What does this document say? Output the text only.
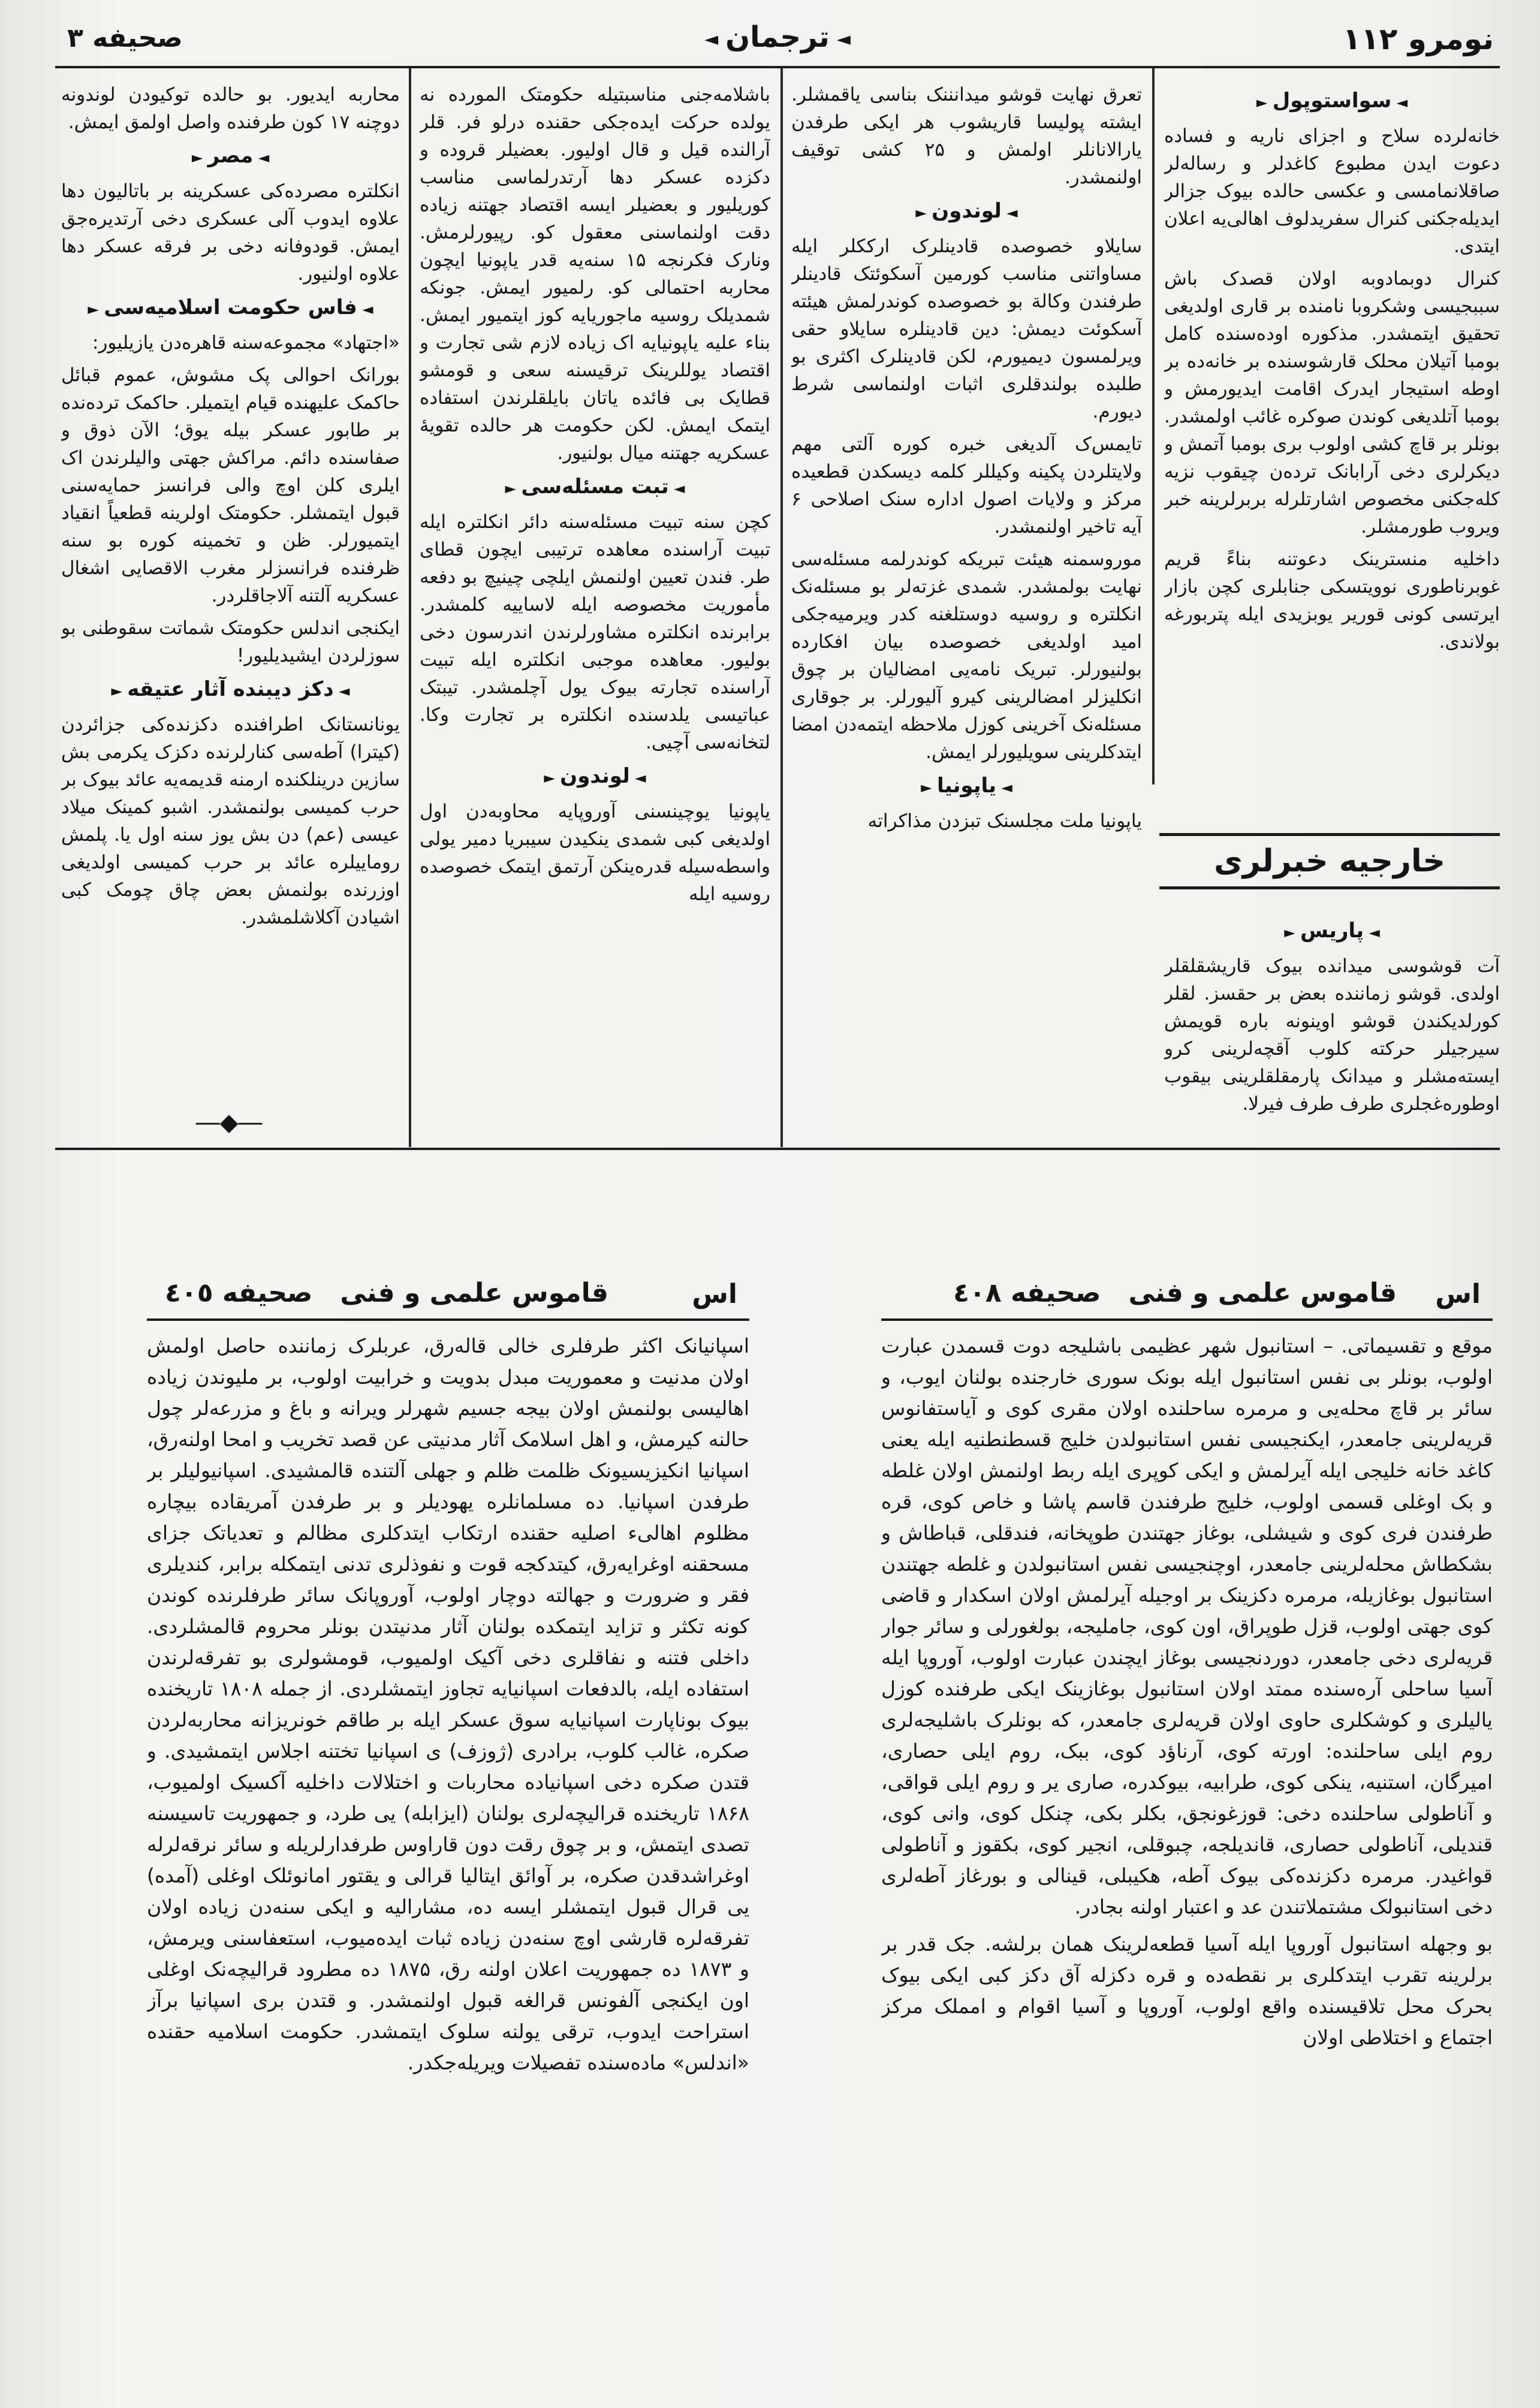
نومرو ۱۱۲
◄ ترجمان ◄
صحیفه ۳
◄ سواستوپول ►

خانه‌لرده سلاح و اجزای ناریه و فساده دعوت ایدن مطبوع کاغدلر و رساله‌لر صاقلانمامسی و عکسی حالده بیوک جزالر ایدیله‌جکنی کنرال سفریدلوف اهالی‌یه اعلان ایتدی.

کنرال دوبمادوبه اولان قصدک باش سببجیسی وشکروبا نامنده بر قاری اولدیغی تحقیق ایتمشدر. مذکوره اوده‌سنده کامل بومبا آتیلان محلک قارشوسنده بر خانه‌ده بر اوطه استیجار ایدرک اقامت ایدیورمش و بومبا آتلدیغی کوندن صوکره غائب اولمشدر. بونلر بر قاچ کشی اولوب بری بومبا آتمش و دیکرلری دخی آرابانک ترده‌ن چیقوب نزیه کله‌جکنی مخصوص اشارتلرله بربرلرینه خبر ویروب طورمشلر.

داخلیه منسترینک دعوتنه بناءً قریم غوبرناطوری نوویتسکی جنابلری کچن بازار ایرتسی کونی قوریر یوبزیدی ایله پتربورغه بولاندی.

خارجیه خبرلری
◄ پاریس ►

آت قوشوسی میدانده بیوک قاریشقلقلر اولدی. قوشو زماننده بعض بر حقسز. لقلر کورلدیکندن قوشو اوینونه باره قویمش سیرجیلر حرکته کلوب آقچه‌لرینی کرو ایسته‌مشلر و میدانک پارمقلقلرینی بیقوب اوطوره‌غجلری طرف طرف فیرلا.

تعرق نهایت قوشو میدانننک بناسی یاقمشلر. ایشته پولیسا قاریشوب هر ایکی طرفدن یارالانانلر اولمش و ۲۵ کشی توقیف اولنمشدر.

◄ لوندون ►

سایلاو خصوصده قادینلرک ارککلر ایله مساواتنی مناسب کورمین آسکوئتک قادینلر طرفندن وکالة بو خصوصده کوندرلمش هیئته آسکوئت دیمش: دین قادینلره سایلاو حقی ویرلمسون دیمیورم، لکن قادینلرک اکثری بو طلبده بولندقلری اثبات اولنماسی شرط دیورم.

تایمس‌ک آلدیغی خبره کوره آلتی مهم ولایتلردن پکینه وکیللر کلمه دیسکدن قطعیده مرکز و ولایات اصول اداره سنک اصلاحی ۶ آیه تاخیر اولنمشدر.

موروسمنه هیئت تبریکه کوندرلمه مسئله‌سی نهایت بولمشدر. شمدی غزته‌لر بو مسئله‌نک انکلتره و روسیه دوستلغنه کدر ویرمیه‌جکی امید اولدیغی خصوصده بیان افکارده بولنیورلر. تبریک نامه‌یی امضالیان بر چوق انکلیزلر امضالرینی کیرو آلیورلر. بر جوقاری مسئله‌نک آخرینی کوزل ملاحظه ایتمه‌دن امضا ایتدکلرینی سویلیورلر ایمش.

◄ یاپونیا ►

یاپونیا ملت مجلسنک تبزدن مذاکراته

باشلامه‌جنی مناسبتیله حکومتک المورده نه یولده حرکت ایده‌جکی حقنده درلو فر. قلر آرالنده قیل و قال اولیور. بعضیلر قروده و دکزده عسکر دها آرتدرلماسی مناسب کوریلیور و بعضیلر ایسه اقتصاد جهتنه زیاده دقت اولنماسنی معقول کو. رپیورلرمش. ونارک فکرنجه ۱۵ سنه‌یه قدر یاپونیا ایچون محاربه احتمالی کو. رلمیور ایمش. جونکه شمدیلک روسیه ماجوریایه کوز ایتمیور ایمش. بناء علیه یاپونیایه اک زیاده لازم شی تجارت و اقتصاد یوللرینک ترقیسنه سعی و قومشو قطایک بی فائده یاتان بایلقلرندن استفاده ایتمک ایمش. لکن حکومت هر حالده تقویهٔ عسکریه جهتنه میال بولنیور.

◄ تبت مسئله‌سی ►

کچن سنه تبیت مسئله‌سنه دائر انکلتره ایله تبیت آراسنده معاهده ترتیبی ایچون قطای طر. فندن تعیین اولنمش ایلچی چینیچ بو دفعه مأموریت مخصوصه ایله لاساییه کلمشدر. برابرنده انکلتره مشاورلرندن اندرسون دخی بولیور. معاهده موجبی انکلتره ایله تبیت آراسنده تجارته بیوک یول آچلمشدر. تیبتک عباتیسی یلدسنده انکلتره بر تجارت وکا. لتخانه‌سی آچیی.

◄ لوندون ►

یاپونیا یوچینسنی آوروپایه محاوبه‌دن اول اولدیغی کبی شمدی ینکیدن سیبریا دمیر یولی واسطه‌سیله قدره‌ینکن آرتمق ایتمک خصوصده روسیه ایله

محاربه ایدیور. بو حالده توکیودن لوندونه دوچنه ۱۷ کون طرفنده واصل اولمق ایمش.

◄ مصر ►

انکلتره مصرده‌کی عسکرینه بر باتالیون دها علاوه ایدوب آلی عسکری دخی آرتدیره‌جق ایمش. قودوفانه دخی بر فرقه عسکر دها علاوه اولنیور.

◄ فاس حکومت اسلامیه‌سی ►

«اجتهاد» مجموعه‌سنه قاهره‌دن یازیلیور:

بورانک احوالی پک مشوش، عموم قبائل حاکمک علیهنده قیام ایتمیلر. حاکمک ترده‌نده بر طابور عسکر بیله یوق؛ الآن ذوق و صفاسنده دائم. مراکش جهتی والیلرندن اک ایلری کلن اوچ والی فرانسز حمایه‌سنی قبول ایتمشلر. حکومتک اولرینه قطعیاً انقیاد ایتمیورلر. ظن و تخمینه کوره بو سنه ظرفنده فرانسزلر مغرب الاقصایی اشغال عسکریه آلتنه آلاجاقلردر.

ایکنجی اندلس حکومتک شماتت سقوطنی بو سوزلردن ایشیدیلیور!

◄ دکز دیبنده آثار عتیقه ►

یونانستانک اطرافنده دکزنده‌کی جزائردن (کیترا) آطه‌سی کنارلرنده دکزک یکرمی بش سازین درینلکنده ارمنه قدیمه‌یه عائد بیوک بر حرب کمیسی بولنمشدر. اشبو کمینک میلاد عیسی (عم) دن بش یوز سنه اول یا. پلمش روماییلره عائد بر حرب کمیسی اولدیغی اوزرنده بولنمش بعض چاق چومک کبی اشیادن آکلاشلمشدر.

―◆―
اس
قاموس علمی و فنی   صحیفه ٤٠٥

اسپانیانک اکثر طرفلری خالی قالەرق، عربلرک زماننده حاصل اولمش اولان مدنیت و معموریت مبدل بدویت و خرابیت اولوب، بر ملیوندن زیاده اهالیسی بولنمش اولان بیجه جسیم شهرلر ویرانه و باغ و مزرعه‌لر چول حالنه کیرمش، و اهل اسلامک آثار مدنیتی عن قصد تخریب و امحا اولنەرق، اسپانیا انکیزیسیونک ظلمت ظلم و جهلی آلتنده قالمشیدی. اسپانیولیلر بر طرفدن اسپانیا. ده مسلمانلره یهودیلر و بر طرفدن آمریقاده بیچاره مظلوم اهالیء اصلیه حقنده ارتکاب ایتدکلری مظالم و تعدیاتک جزای مسحقنه اوغرایەرق، کیتدکجه قوت و نفوذلری تدنی ایتمکله برابر، کندیلری فقر و ضرورت و جهالته دوچار اولوب، آوروپانک سائر طرفلرنده کوندن کونه تکثر و تزاید ایتمکده بولنان آثار مدنیتدن بونلر محروم قالمشلردی. داخلی فتنه و نفاقلری دخی آکیک اولمیوب، قومشولری بو تفرقەلرندن استفاده ایله، بالدفعات اسپانیایه تجاوز ایتمشلردی. از جمله ۱۸۰۸ تاریخنده بیوک بوناپارت اسپانیایه سوق عسکر ایله بر طاقم خونریزانه محاربەلردن صکره، غالب کلوب، برادری (ژوزف) ی اسپانیا تختنه اجلاس ایتمشیدی. و قتدن صکره دخی اسپانیاده محاربات و اختلالات داخلیه آکسیک اولمیوب، ۱۸۶۸ تاریخنده قراليچه‌لری بولنان (ایزابله) یی طرد، و جمهوریت تاسیسنه تصدی ایتمش، و بر چوق رقت دون قاراوس طرفدارلریله و سائر نرقه‌لرله اوغراشدقدن صکره، بر آوائق ایتالیا قرالی و یقتور امانوئلک اوغلی (آمده) یی قرال قبول ایتمشلر ایسه ده، مشارالیه و ایکی سنه‌دن زیاده اولان تفرقه‌لره قارشی اوچ سنه‌دن زیاده ثبات ایده‌میوب، استعفاسنی ویرمش، و ۱۸۷۳ ده جمهوریت اعلان اولنه رق، ۱۸۷۵ ده مطرود قرالیچه‌نک اوغلی اون ایکنجی آلفونس قرالغه قبول اولنمشدر. و قتدن بری اسپانیا برآز استراحت ایدوب، ترقی یولنه سلوک ایتمشدر. حکومت اسلامیه حقنده «اندلس» ماده‌سنده تفصیلات ویریله‌جکدر.

اس
قاموس علمی و فنی   صحیفه ٤٠٨

موقع و تقسیماتی. – استانبول شهر عظیمی باشلیجه دوت قسمدن عبارت اولوب، بونلر بی نفس استانبول ایله بونک سوری خارجنده بولنان ایوب، و سائر بر قاچ محله‌یی و مرمره ساحلنده اولان مقری کوی و آیاستفانوس قریه‌لرینی جامعدر، ایکنجیسی نفس استانبولدن خلیج قسطنطنیه ایله یعنی کاغد خانه خلیجی ایله آیرلمش و ایکی کوپری ایله ربط اولنمش اولان غلطه و بک اوغلی قسمی اولوب، خلیج طرفندن قاسم پاشا و خاص کوی، قره طرفندن فری کوی و شیشلی، بوغاز جهتندن طوپخانه، فندقلی، قباطاش و بشکطاش محله‌لرینی جامعدر، اوچنجیسی نفس استانبولدن و غلطه جهتندن استانبول بوغازیله، مرمره دکزینک بر اوجیله آیرلمش اولان اسکدار و قاضی کوی جهتی اولوب، قزل طوپراق، اون کوی، جاملیجه، بولغورلی و سائر جوار قریه‌لری دخی جامعدر، دوردنجیسی بوغاز ایچندن عبارت اولوب، آوروپا ایله آسیا ساحلی آره‌سنده ممتد اولان استانبول بوغازینک ایکی طرفنده کوزل یالیلری و کوشکلری حاوی اولان قریه‌لری جامعدر، که بونلرک باشلیجه‌لری روم ایلی ساحلنده: اورته کوی، آرناؤد کوی، ببک، روم ایلی حصاری، امیرگان، استنیه، ینکی کوی، طرابیه، بیوکدره، صاری یر و روم ایلی قواقی، و آناطولی ساحلنده دخی: قوزغونجق، بکلر بکی، چنکل کوی، وانی کوی، قندیلی، آناطولی حصاری، قاندیلجه، چبوقلی، انجیر کوی، بکقوز و آناطولی قواغیدر. مرمره دکزنده‌کی بیوک آطه، هکیبلی، قینالی و بورغاز آطه‌لری دخی استانبولک مشتملاتندن عد و اعتبار اولنه بجادر.

بو وجهله استانبول آوروپا ایله آسیا قطعه‌لرینک همان برلشه. جک قدر بر برلرینه تقرب ایتدکلری بر نقطه‌ده و قره دکزله آق دکز کبی ایکی بیوک بحرک محل تلاقیسنده واقع اولوب، آوروپا و آسیا اقوام و امملک مرکز اجتماع و اختلاطی اولان
